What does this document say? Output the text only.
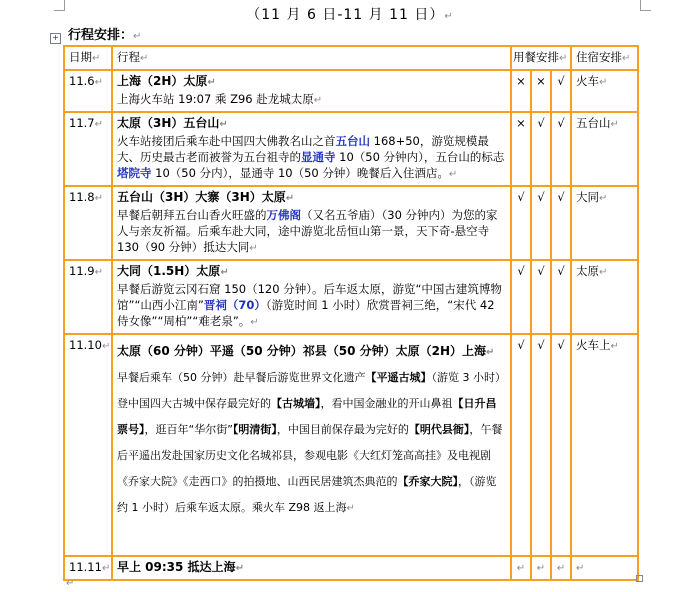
（11 月 6 日-11 月 11 日）↵
+ 行程安排：↵
日期↵	行程↵	用餐安排↵			住宿安排↵
11.6↵	上海（2H）太原↵
上海火车站 19:07 乘 Z96 赴龙城太原↵	×	×	√	火车↵
11.7↵	太原（3H）五台山↵
火车站接团后乘车赴中国四大佛教名山之首五台山 168+50，游览规模最大、历史最古老而被誉为五台祖寺的显通寺 10（50 分钟内），五台山的标志塔院寺 10（50 分内），显通寺 10（50 分钟）晚餐后入住酒店。↵	×	√	√	五台山↵
11.8↵	五台山（3H）大寨（3H）太原↵
早餐后朝拜五台山香火旺盛的万佛阁（又名五爷庙）（30 分钟内）为您的家人与亲友祈福。后乘车赴大同，途中游览北岳恒山第一景，天下奇-悬空寺 130（90 分钟）抵达大同↵	√	√	√	大同↵
11.9↵	大同（1.5H）太原↵
早餐后游览云冈石窟 150（120 分钟）。后车返太原，游览“中国古建筑博物馆”“山西小江南”晋祠（70）（游览时间 1 小时）欣赏晋祠三绝，“宋代 42 侍女像”“周柏”“难老泉”。↵	√	√	√	太原↵
11.10↵	太原（60 分钟）平遥（50 分钟）祁县（50 分钟）太原（2H）上海↵
早餐后乘车（50 分钟）赴早餐后游览世界文化遗产【平遥古城】（游览 3 小时）登中国四大古城中保存最完好的【古城墙】，看中国金融业的开山鼻祖【日升昌票号】，逛百年“华尔街”【明清街】，中国目前保存最为完好的【明代县衙】，午餐后平遥出发赴国家历史文化名城祁县，参观电影《大红灯笼高高挂》及电视剧《乔家大院》《走西口》的拍摄地、山西民居建筑杰典范的【乔家大院】，（游览约 1 小时）后乘车返太原。乘火车 Z98 返上海↵	√	√	√	火车上↵
11.11↵	早上 09:35 抵达上海↵	↵	↵	↵	↵
↵
